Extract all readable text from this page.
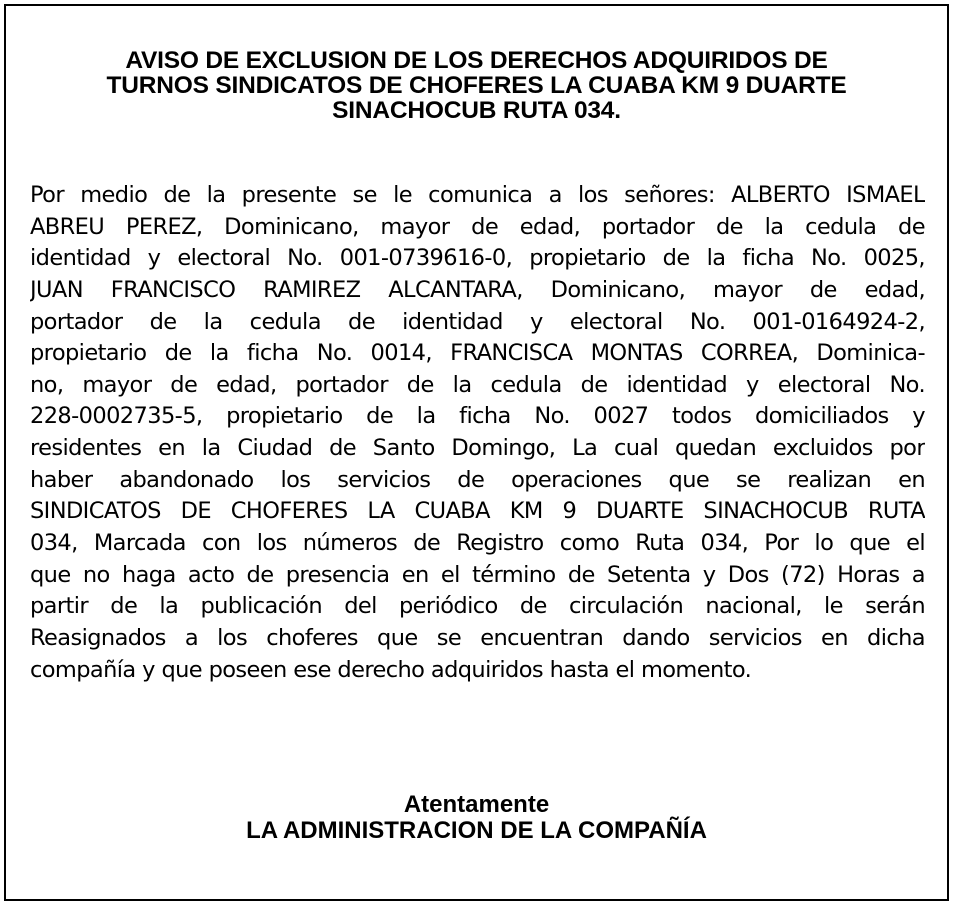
AVISO DE EXCLUSION DE LOS DERECHOS ADQUIRIDOS DE
TURNOS SINDICATOS DE CHOFERES LA CUABA KM 9 DUARTE
SINACHOCUB RUTA 034.
Por medio de la presente se le comunica a los señores: ALBERTO ISMAEL
ABREU PEREZ, Dominicano, mayor de edad, portador de la cedula de
identidad y electoral No. 001-0739616-0, propietario de la ficha No. 0025,
JUAN FRANCISCO RAMIREZ ALCANTARA, Dominicano, mayor de edad,
portador de la cedula de identidad y electoral No. 001-0164924-2,
propietario de la ficha No. 0014, FRANCISCA MONTAS CORREA, Dominica-
no, mayor de edad, portador de la cedula de identidad y electoral No.
228-0002735-5, propietario de la ficha No. 0027 todos domiciliados y
residentes en la Ciudad de Santo Domingo, La cual quedan excluidos por
haber abandonado los servicios de operaciones que se realizan en
SINDICATOS DE CHOFERES LA CUABA KM 9 DUARTE SINACHOCUB RUTA
034, Marcada con los números de Registro como Ruta 034, Por lo que el
que no haga acto de presencia en el término de Setenta y Dos (72) Horas a
partir de la publicación del periódico de circulación nacional, le serán
Reasignados a los choferes que se encuentran dando servicios en dicha
compañía y que poseen ese derecho adquiridos hasta el momento.
Atentamente
LA ADMINISTRACION DE LA COMPAÑÍA
